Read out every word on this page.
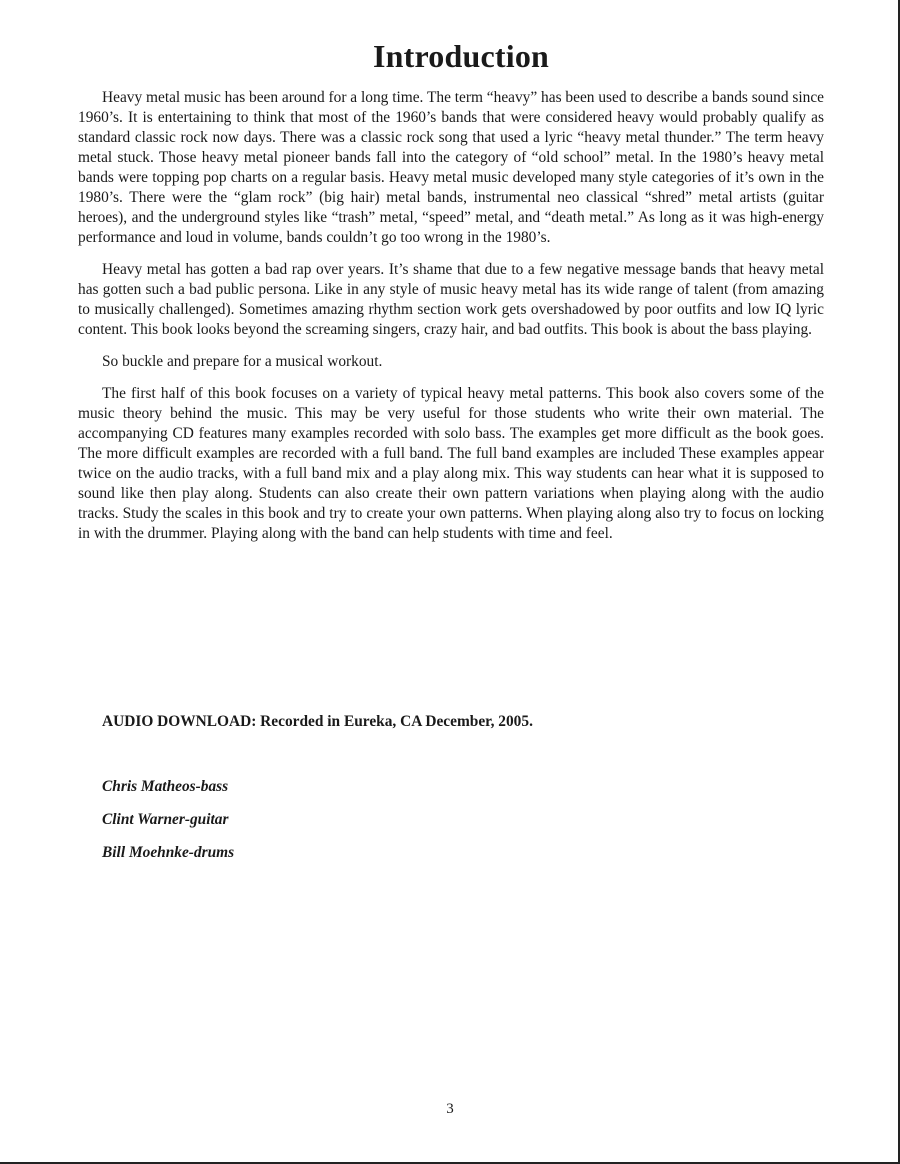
Introduction

Heavy metal music has been around for a long time. The term “heavy” has been used to describe a bands sound since 1960’s. It is entertaining to think that most of the 1960’s bands that were considered heavy would probably qualify as standard classic rock now days. There was a classic rock song that used a lyric “heavy metal thunder.” The term heavy metal stuck. Those heavy metal pioneer bands fall into the category of “old school” metal. In the 1980’s heavy metal bands were topping pop charts on a regular basis. Heavy metal music developed many style categories of it’s own in the 1980’s. There were the “glam rock” (big hair) metal bands, instrumental neo classical “shred” metal artists (guitar heroes), and the underground styles like “trash” metal, “speed” metal, and “death metal.” As long as it was high-energy performance and loud in volume, bands couldn’t go too wrong in the 1980’s.

Heavy metal has gotten a bad rap over years. It’s shame that due to a few negative message bands that heavy metal has gotten such a bad public persona. Like in any style of music heavy metal has its wide range of talent (from amazing to musically challenged). Sometimes amazing rhythm section work gets overshadowed by poor outfits and low IQ lyric content. This book looks beyond the screaming singers, crazy hair, and bad outfits. This book is about the bass playing.

So buckle and prepare for a musical workout.

The first half of this book focuses on a variety of typical heavy metal patterns. This book also covers some of the music theory behind the music. This may be very useful for those students who write their own material. The accompanying CD features many examples recorded with solo bass. The examples get more difficult as the book goes. The more difficult examples are recorded with a full band. The full band examples are included These examples appear twice on the audio tracks, with a full band mix and a play along mix. This way students can hear what it is supposed to sound like then play along. Students can also create their own pattern variations when playing along with the audio tracks. Study the scales in this book and try to create your own patterns. When playing along also try to focus on locking in with the drummer. Playing along with the band can help students with time and feel.

AUDIO DOWNLOAD: Recorded in Eureka, CA December, 2005.

Chris Matheos-bass
Clint Warner-guitar
Bill Moehnke-drums
3
